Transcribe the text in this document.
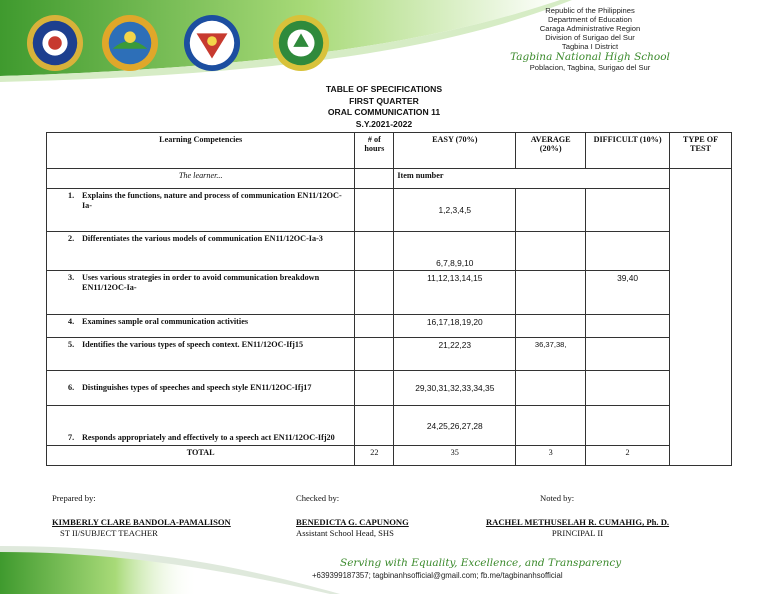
Republic of the Philippines
Department of Education
Caraga Administrative Region
Division of Surigao del Sur
Tagbina I District
Tagbina National High School
Poblacion, Tagbina, Surigao del Sur
TABLE OF SPECIFICATIONS
FIRST QUARTER
ORAL COMMUNICATION 11
S.Y.2021-2022
Learning Competencies	# of hours	EASY (70%)	AVERAGE (20%)	DIFFICULT (10%)	TYPE OF TEST
The learner...		Item number			

1. Explains the functions, nature and process of communication EN11/12OC-Ia-		1,2,3,4,5			

2. Differentiates the various models of communication EN11/12OC-Ia-3		6,7,8,9,10			

3. Uses various strategies in order to avoid communication breakdown EN11/12OC-Ia-		11,12,13,14,15		39,40	

4. Examines sample oral communication activities		16,17,18,19,20			

5. Identifies the various types of speech context. EN11/12OC-Ifj15		21,22,23	36,37,38,		

6. Distinguishes types of speeches and speech style EN11/12OC-Ifj17		29,30,31,32,33,34,35			

7. Responds appropriately and effectively to a speech act EN11/12OC-Ifj20		24,25,26,27,28			
TOTAL	22	35	3	2	
Prepared by:
KIMBERLY CLARE BANDOLA-PAMALISON
ST II/SUBJECT TEACHER
Checked by:
BENEDICTA G. CAPUNONG
Assistant School Head, SHS
Noted by:
RACHEL METHUSELAH R. CUMAHIG, Ph. D.
PRINCIPAL II
Serving with Equality, Excellence, and Transparency
+639399187357; tagbinanhsofficial@gmail.com; fb.me/tagbinanhsofficial
